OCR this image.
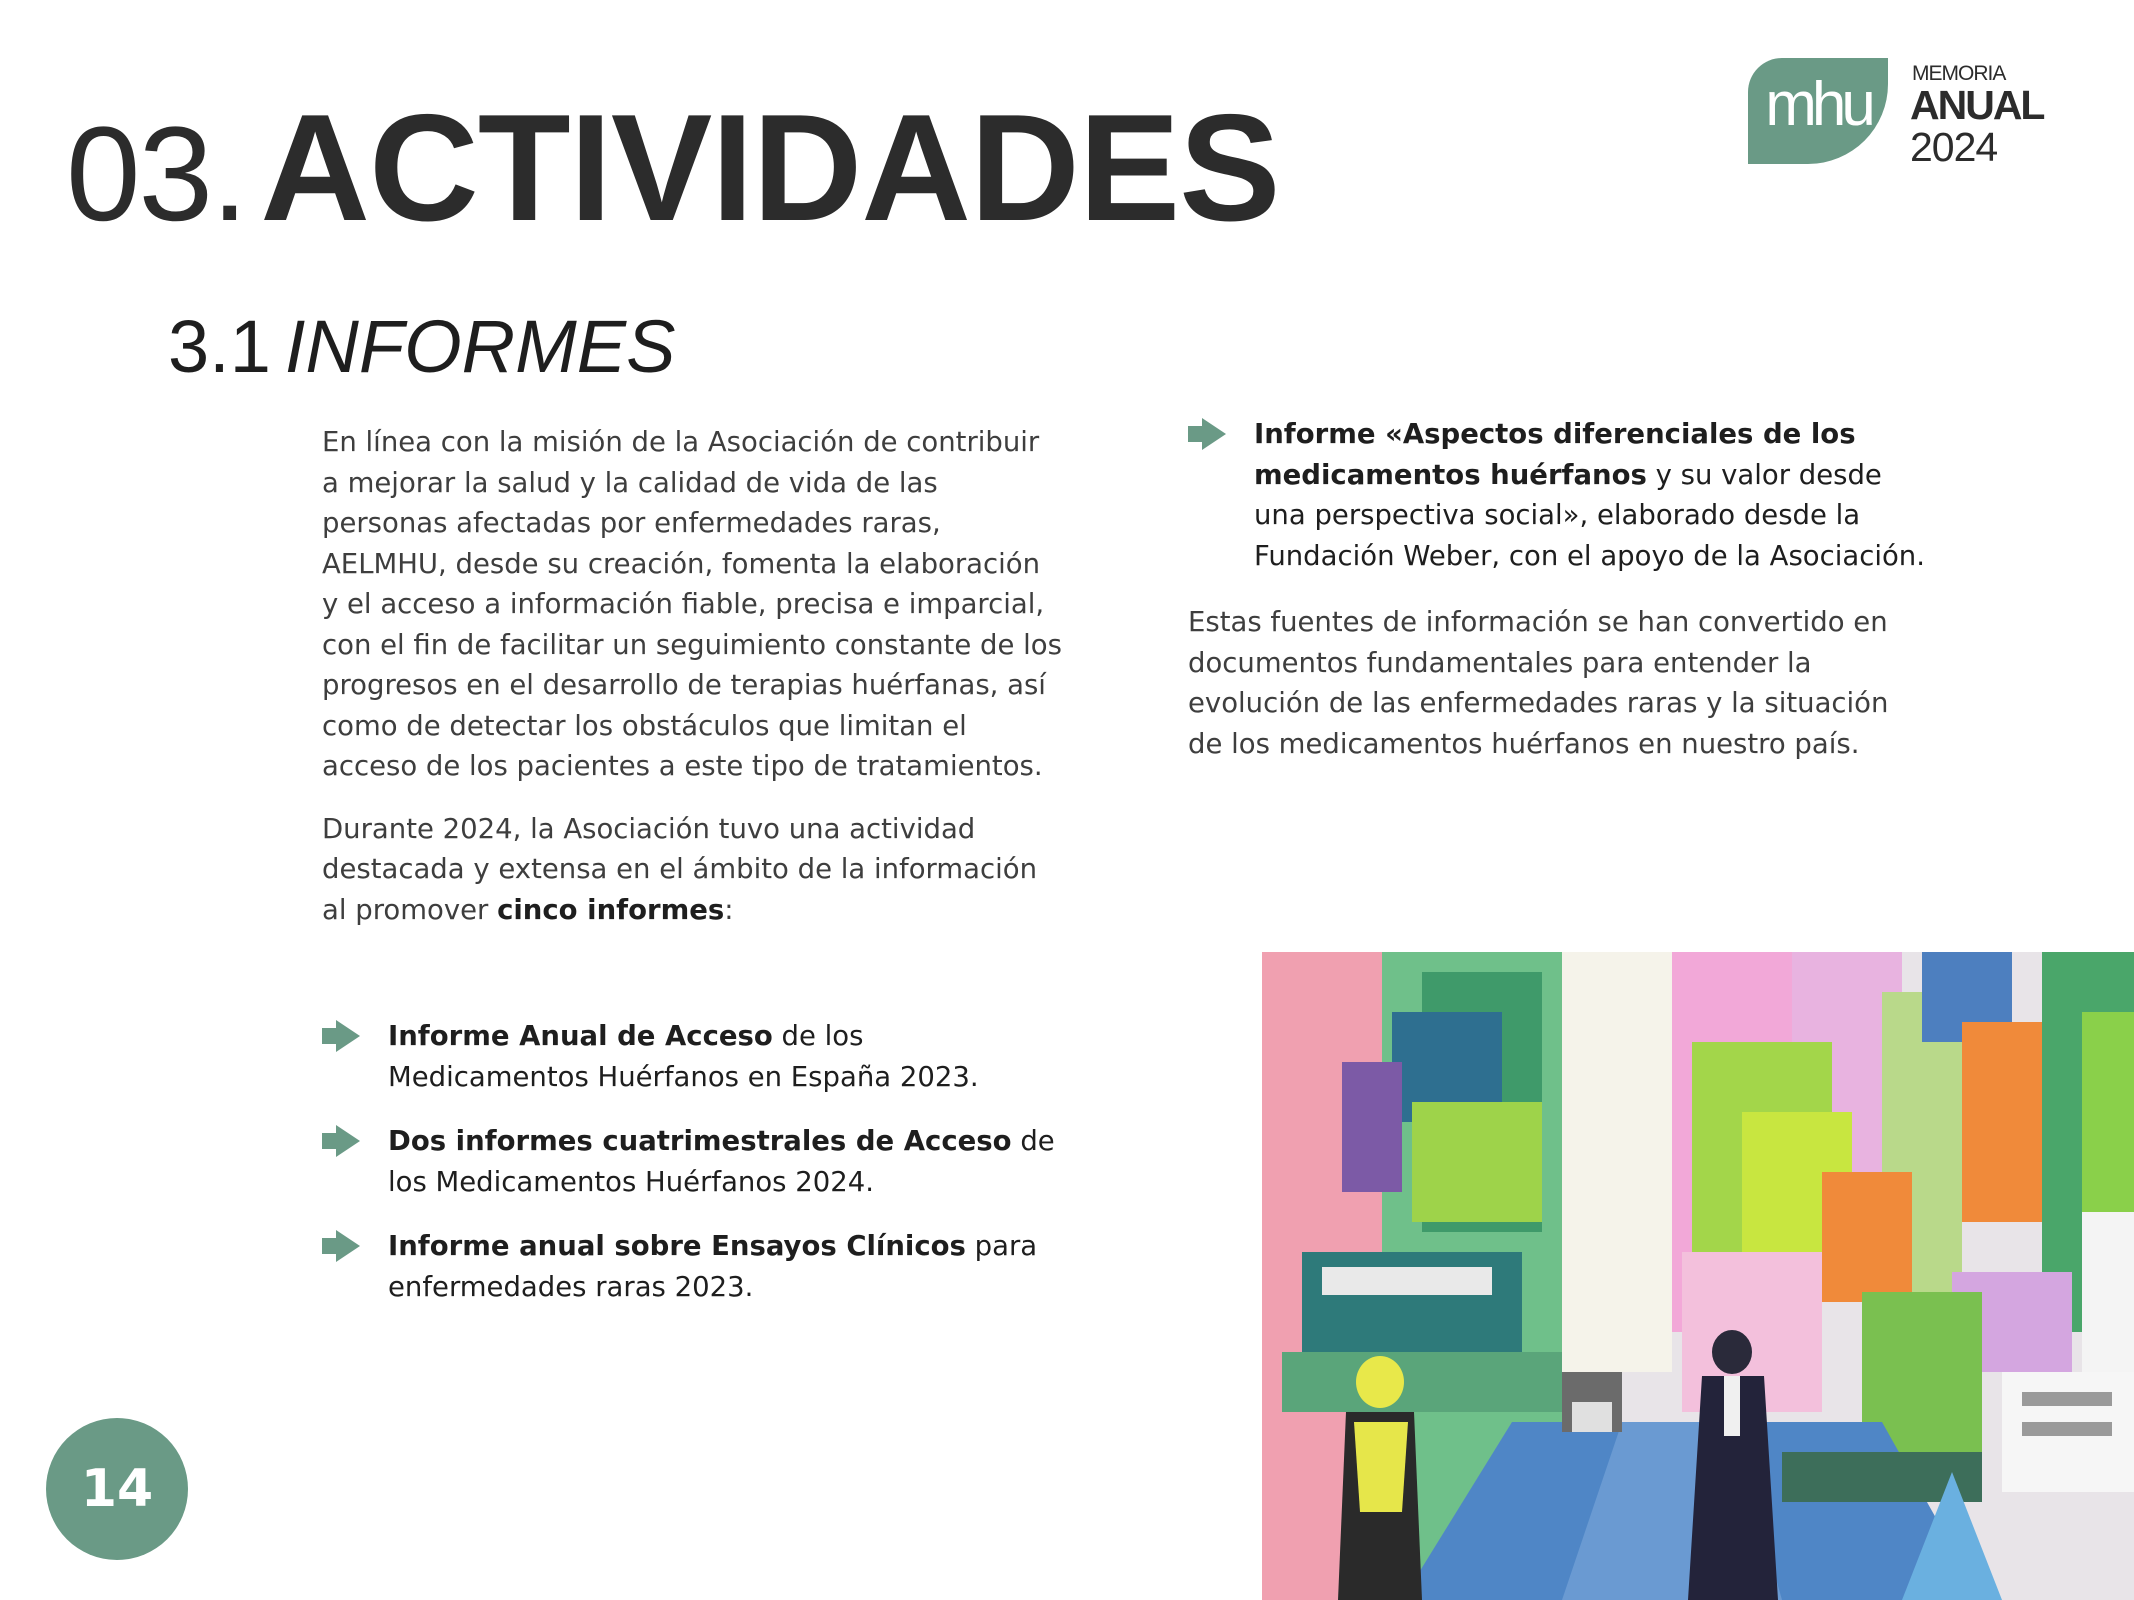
03.ACTIVIDADES	mhu	MEMORIA
ANUAL
2024
3.1 INFORMES

En línea con la misión de la Asociación de contribuir a mejorar la salud y la calidad de vida de las personas afectadas por enfermedades raras, AELMHU, desde su creación, fomenta la elaboración y el acceso a información fiable, precisa e imparcial, con el fin de facilitar un seguimiento constante de los progresos en el desarrollo de terapias huérfanas, así como de detectar los obstáculos que limitan el acceso de los pacientes a este tipo de tratamientos.

Durante 2024, la Asociación tuvo una actividad destacada y extensa en el ámbito de la información al promover cinco informes:

Informe Anual de Acceso de los Medicamentos Huérfanos en España 2023.
Dos informes cuatrimestrales de Acceso de los Medicamentos Huérfanos 2024.
Informe anual sobre Ensayos Clínicos para enfermedades raras 2023.
Informe «Aspectos diferenciales de los medicamentos huérfanos y su valor desde una perspectiva social», elaborado desde la Fundación Weber, con el apoyo de la Asociación.

Estas fuentes de información se han convertido en documentos fundamentales para entender la evolución de las enfermedades raras y la situación de los medicamentos huérfanos en nuestro país.

14
